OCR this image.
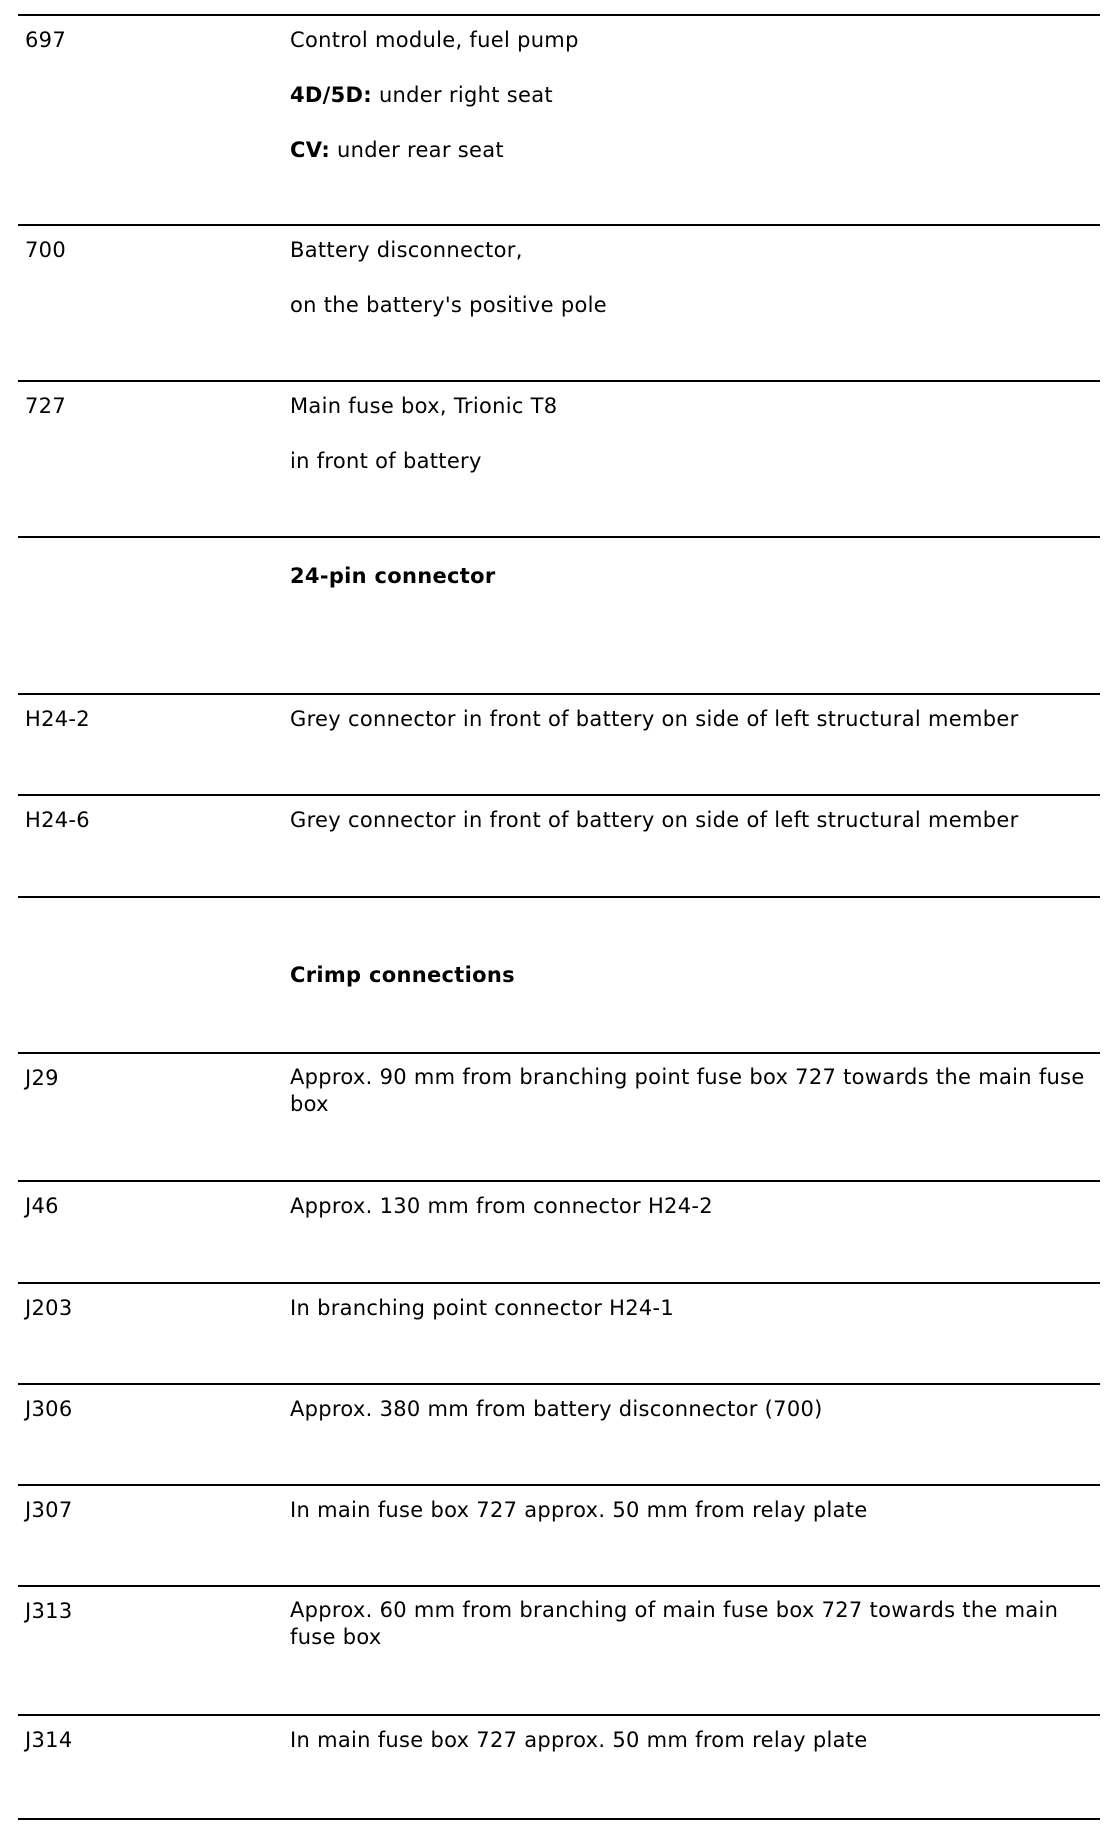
697	Control module, fuel pump
4D/5D: under right seat
CV: under rear seat
700	Battery disconnector,
on the battery's positive pole
727	Main fuse box, Trionic T8
in front of battery
24-pin connector
H24-2	Grey connector in front of battery on side of left structural member
H24-6	Grey connector in front of battery on side of left structural member
Crimp connections
J29	Approx. 90 mm from branching point fuse box 727 towards the main fuse box
J46	Approx. 130 mm from connector H24-2
J203	In branching point connector H24-1
J306	Approx. 380 mm from battery disconnector (700)
J307	In main fuse box 727 approx. 50 mm from relay plate
J313	Approx. 60 mm from branching of main fuse box 727 towards the main fuse box
J314	In main fuse box 727 approx. 50 mm from relay plate
